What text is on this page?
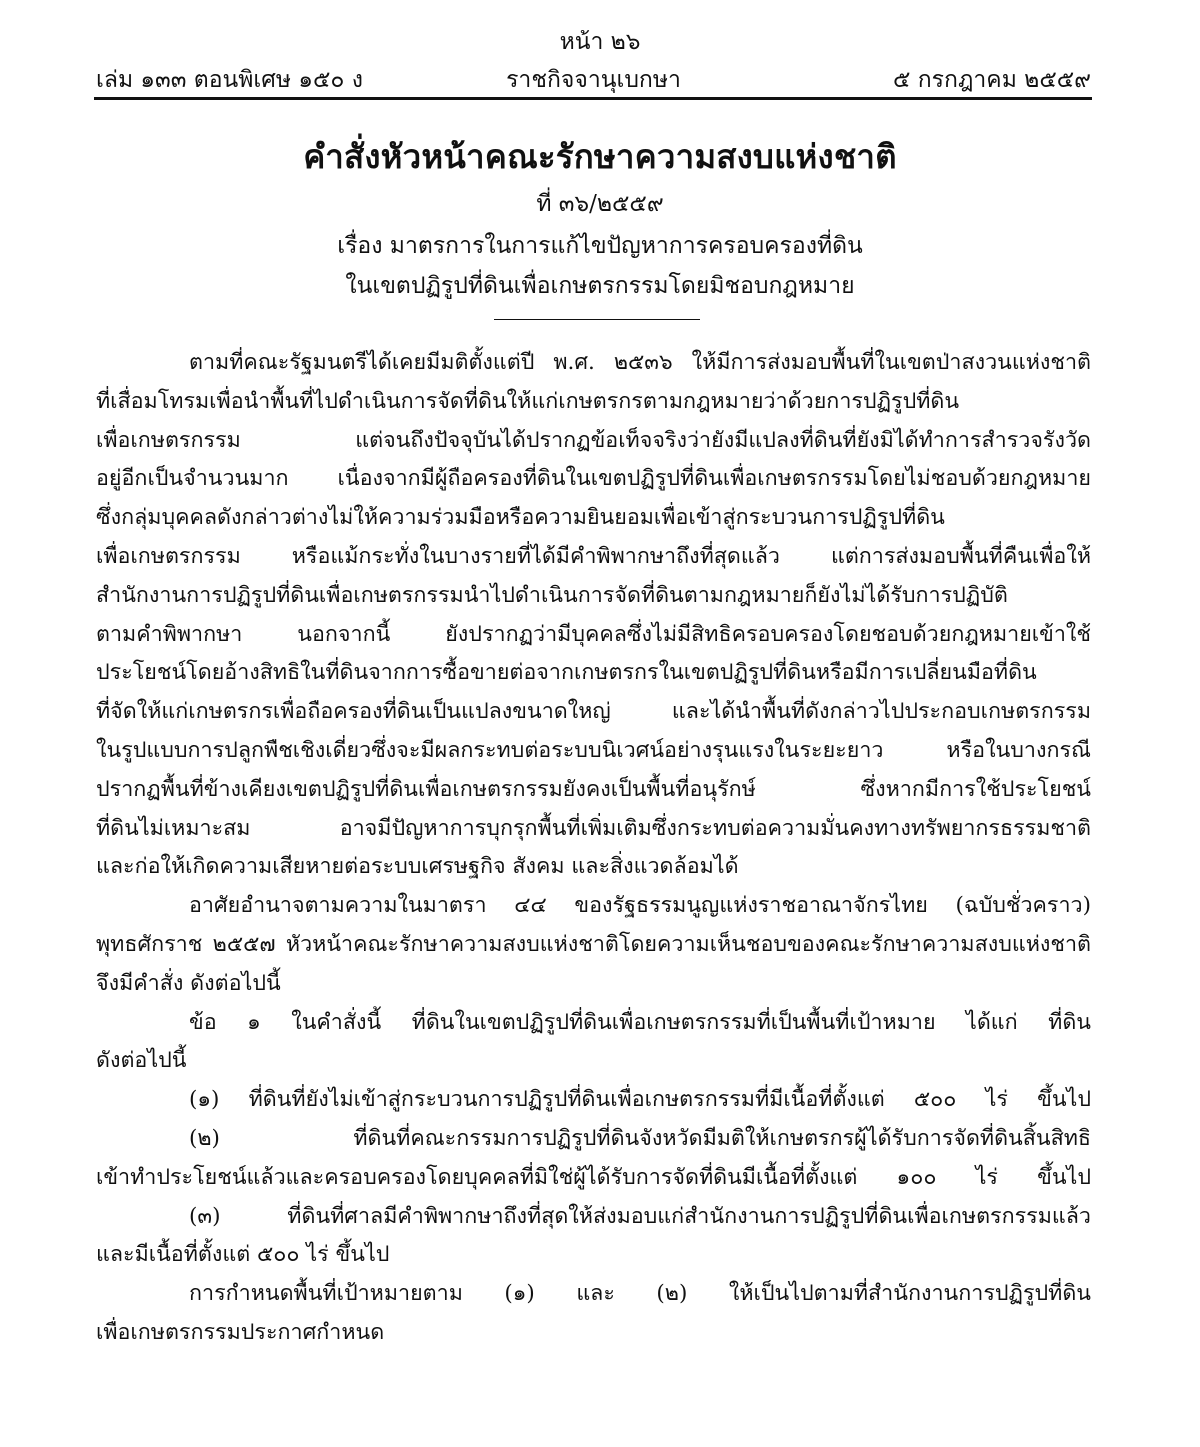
หน้า ๒๖
ราชกิจจานุเบกษา
เล่ม ๑๓๓ ตอนพิเศษ ๑๕๐ ง	๕ กรกฎาคม ๒๕๕๙
คำสั่งหัวหน้าคณะรักษาความสงบแห่งชาติ
ที่ ๓๖/๒๕๕๙
เรื่อง มาตรการในการแก้ไขปัญหาการครอบครองที่ดิน
ในเขตปฏิรูปที่ดินเพื่อเกษตรกรรมโดยมิชอบกฎหมาย
ตามที่คณะรัฐมนตรีได้เคยมีมติตั้งแต่ปี พ.ศ. ๒๕๓๖ ให้มีการส่งมอบพื้นที่ในเขตป่าสงวนแห่งชาติ
ที่เสื่อมโทรมเพื่อนำพื้นที่ไปดำเนินการจัดที่ดินให้แก่เกษตรกรตามกฎหมายว่าด้วยการปฏิรูปที่ดิน
เพื่อเกษตรกรรม แต่จนถึงปัจจุบันได้ปรากฏข้อเท็จจริงว่ายังมีแปลงที่ดินที่ยังมิได้ทำการสำรวจรังวัด
อยู่อีกเป็นจำนวนมาก เนื่องจากมีผู้ถือครองที่ดินในเขตปฏิรูปที่ดินเพื่อเกษตรกรรมโดยไม่ชอบด้วยกฎหมาย
ซึ่งกลุ่มบุคคลดังกล่าวต่างไม่ให้ความร่วมมือหรือความยินยอมเพื่อเข้าสู่กระบวนการปฏิรูปที่ดิน
เพื่อเกษตรกรรม หรือแม้กระทั่งในบางรายที่ได้มีคำพิพากษาถึงที่สุดแล้ว แต่การส่งมอบพื้นที่คืนเพื่อให้
สำนักงานการปฏิรูปที่ดินเพื่อเกษตรกรรมนำไปดำเนินการจัดที่ดินตามกฎหมายก็ยังไม่ได้รับการปฏิบัติ
ตามคำพิพากษา นอกจากนี้ ยังปรากฏว่ามีบุคคลซึ่งไม่มีสิทธิครอบครองโดยชอบด้วยกฎหมายเข้าใช้
ประโยชน์โดยอ้างสิทธิในที่ดินจากการซื้อขายต่อจากเกษตรกรในเขตปฏิรูปที่ดินหรือมีการเปลี่ยนมือที่ดิน
ที่จัดให้แก่เกษตรกรเพื่อถือครองที่ดินเป็นแปลงขนาดใหญ่ และได้นำพื้นที่ดังกล่าวไปประกอบเกษตรกรรม
ในรูปแบบการปลูกพืชเชิงเดี่ยวซึ่งจะมีผลกระทบต่อระบบนิเวศน์อย่างรุนแรงในระยะยาว หรือในบางกรณี
ปรากฏพื้นที่ข้างเคียงเขตปฏิรูปที่ดินเพื่อเกษตรกรรมยังคงเป็นพื้นที่อนุรักษ์ ซึ่งหากมีการใช้ประโยชน์
ที่ดินไม่เหมาะสม อาจมีปัญหาการบุกรุกพื้นที่เพิ่มเติมซึ่งกระทบต่อความมั่นคงทางทรัพยากรธรรมชาติ
และก่อให้เกิดความเสียหายต่อระบบเศรษฐกิจ สังคม และสิ่งแวดล้อมได้
อาศัยอำนาจตามความในมาตรา ๔๔ ของรัฐธรรมนูญแห่งราชอาณาจักรไทย (ฉบับชั่วคราว)
พุทธศักราช ๒๕๕๗ หัวหน้าคณะรักษาความสงบแห่งชาติโดยความเห็นชอบของคณะรักษาความสงบแห่งชาติ
จึงมีคำสั่ง ดังต่อไปนี้
ข้อ ๑ ในคำสั่งนี้ ที่ดินในเขตปฏิรูปที่ดินเพื่อเกษตรกรรมที่เป็นพื้นที่เป้าหมาย ได้แก่ ที่ดิน
ดังต่อไปนี้
(๑) ที่ดินที่ยังไม่เข้าสู่กระบวนการปฏิรูปที่ดินเพื่อเกษตรกรรมที่มีเนื้อที่ตั้งแต่ ๕๐๐ ไร่ ขึ้นไป
(๒) ที่ดินที่คณะกรรมการปฏิรูปที่ดินจังหวัดมีมติให้เกษตรกรผู้ได้รับการจัดที่ดินสิ้นสิทธิ
เข้าทำประโยชน์แล้วและครอบครองโดยบุคคลที่มิใช่ผู้ได้รับการจัดที่ดินมีเนื้อที่ตั้งแต่ ๑๐๐ ไร่ ขึ้นไป
(๓) ที่ดินที่ศาลมีคำพิพากษาถึงที่สุดให้ส่งมอบแก่สำนักงานการปฏิรูปที่ดินเพื่อเกษตรกรรมแล้ว
และมีเนื้อที่ตั้งแต่ ๕๐๐ ไร่ ขึ้นไป
การกำหนดพื้นที่เป้าหมายตาม (๑) และ (๒) ให้เป็นไปตามที่สำนักงานการปฏิรูปที่ดิน
เพื่อเกษตรกรรมประกาศกำหนด
